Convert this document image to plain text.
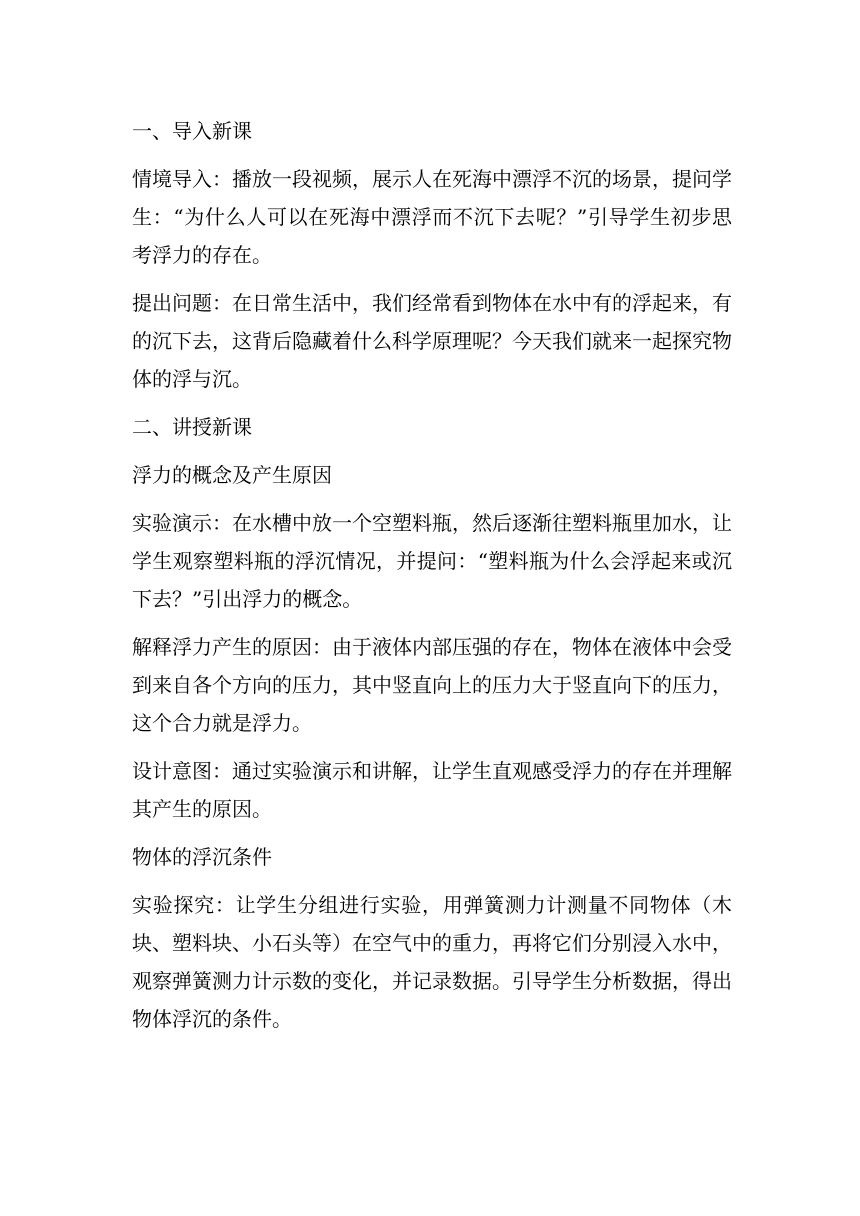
一、导入新课

情境导入：播放一段视频，展示人在死海中漂浮不沉的场景，提问学生：“为什么人可以在死海中漂浮而不沉下去呢？”引导学生初步思考浮力的存在。

提出问题：在日常生活中，我们经常看到物体在水中有的浮起来，有的沉下去，这背后隐藏着什么科学原理呢？今天我们就来一起探究物体的浮与沉。

二、讲授新课

浮力的概念及产生原因

实验演示：在水槽中放一个空塑料瓶，然后逐渐往塑料瓶里加水，让学生观察塑料瓶的浮沉情况，并提问：“塑料瓶为什么会浮起来或沉下去？”引出浮力的概念。

解释浮力产生的原因：由于液体内部压强的存在，物体在液体中会受到来自各个方向的压力，其中竖直向上的压力大于竖直向下的压力，这个合力就是浮力。

设计意图：通过实验演示和讲解，让学生直观感受浮力的存在并理解其产生的原因。

物体的浮沉条件

实验探究：让学生分组进行实验，用弹簧测力计测量不同物体（木块、塑料块、小石头等）在空气中的重力，再将它们分别浸入水中，观察弹簧测力计示数的变化，并记录数据。引导学生分析数据，得出物体浮沉的条件。
